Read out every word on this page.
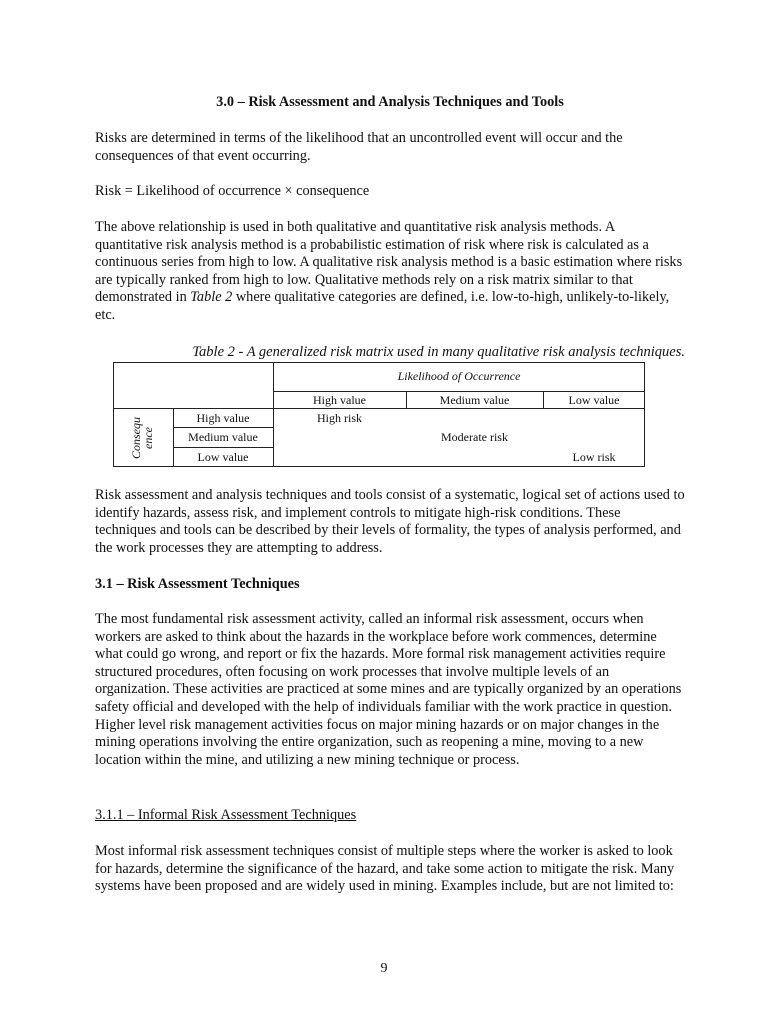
3.0 – Risk Assessment and Analysis Techniques and Tools

Risks are determined in terms of the likelihood that an uncontrolled event will occur and the consequences of that event occurring.

Risk = Likelihood of occurrence × consequence

The above relationship is used in both qualitative and quantitative risk analysis methods. A quantitative risk analysis method is a probabilistic estimation of risk where risk is calculated as a continuous series from high to low. A qualitative risk analysis method is a basic estimation where risks are typically ranked from high to low. Qualitative methods rely on a risk matrix similar to that demonstrated in Table 2 where qualitative categories are defined, i.e. low-to-high, unlikely-to-likely, etc.

Table 2 - A generalized risk matrix used in many qualitative risk analysis techniques.
Likelihood of Occurrence
High value	Medium value	Low value
Consequ ence
High value
Medium value
Low value
High risk
Moderate risk
Low risk

Risk assessment and analysis techniques and tools consist of a systematic, logical set of actions used to identify hazards, assess risk, and implement controls to mitigate high-risk conditions. These techniques and tools can be described by their levels of formality, the types of analysis performed, and the work processes they are attempting to address.

3.1 – Risk Assessment Techniques

The most fundamental risk assessment activity, called an informal risk assessment, occurs when workers are asked to think about the hazards in the workplace before work commences, determine what could go wrong, and report or fix the hazards. More formal risk management activities require structured procedures, often focusing on work processes that involve multiple levels of an organization. These activities are practiced at some mines and are typically organized by an operations safety official and developed with the help of individuals familiar with the work practice in question. Higher level risk management activities focus on major mining hazards or on major changes in the mining operations involving the entire organization, such as reopening a mine, moving to a new location within the mine, and utilizing a new mining technique or process.

3.1.1 – Informal Risk Assessment Techniques

Most informal risk assessment techniques consist of multiple steps where the worker is asked to look for hazards, determine the significance of the hazard, and take some action to mitigate the risk. Many systems have been proposed and are widely used in mining. Examples include, but are not limited to:

9
